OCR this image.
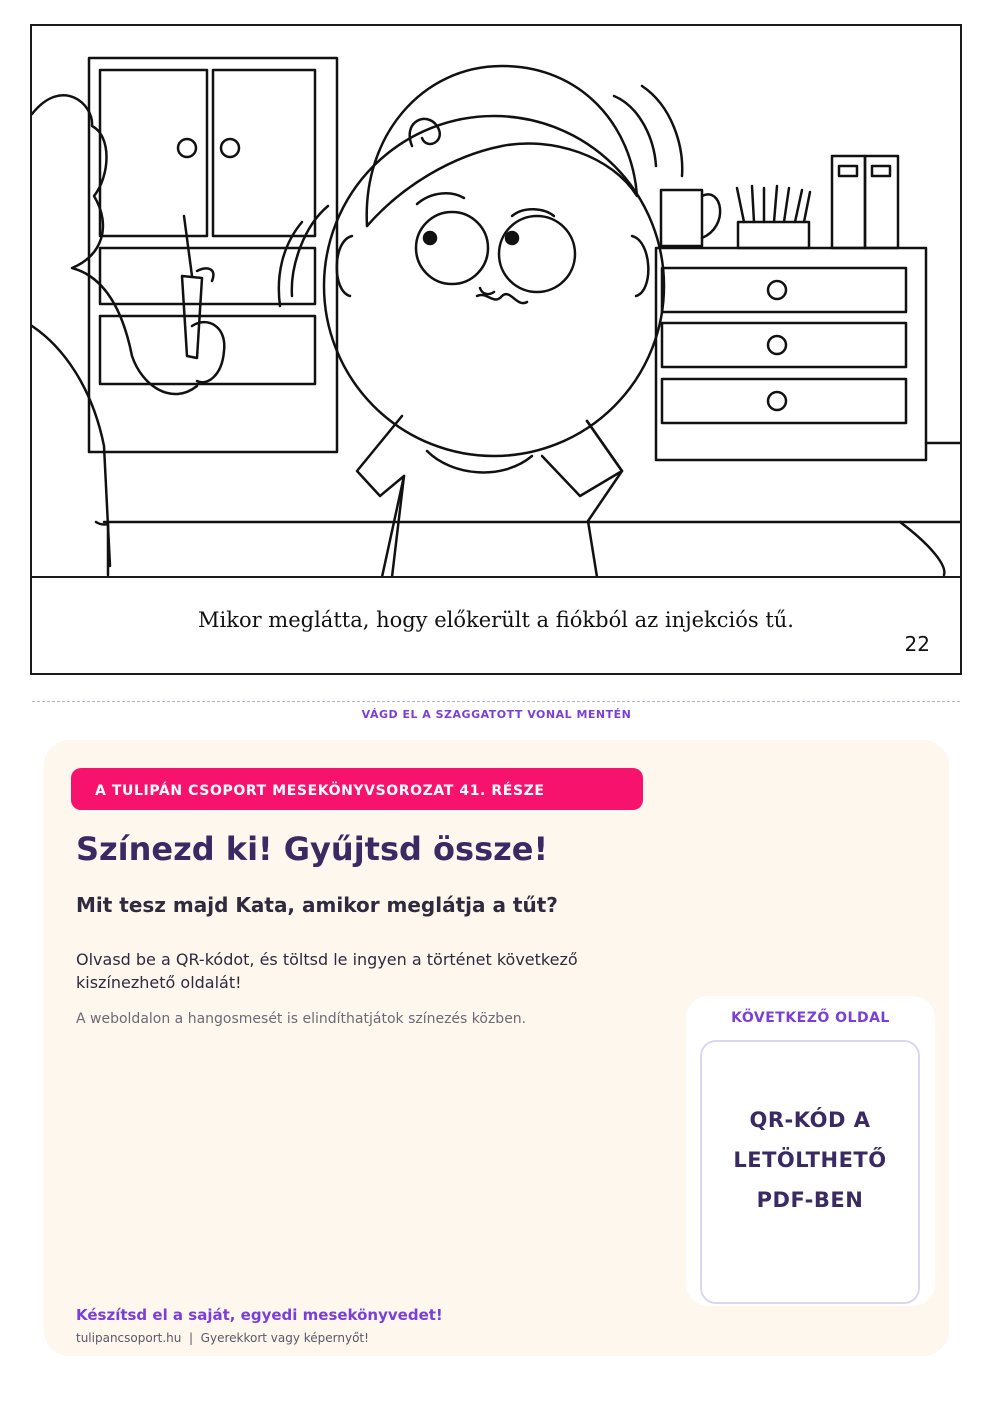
Mikor meglátta, hogy előkerült a fiókból az injekciós tű.
22
VÁGD EL A SZAGGATOTT VONAL MENTÉN
A TULIPÁN CSOPORT MESEKÖNYVSOROZAT 41. RÉSZE
Színezd ki! Gyűjtsd össze!
Mit tesz majd Kata, amikor meglátja a tűt?
Olvasd be a QR-kódot, és töltsd le ingyen a történet következő kiszínezhető oldalát!
A weboldalon a hangosmesét is elindíthatjátok színezés közben.	KÖVETKEZŐ OLDAL
QR-KÓD A
LETÖLTHETŐ
PDF-BEN
Készítsd el a saját, egyedi mesekönyvedet!
tulipancsoport.hu  |  Gyerekkort vagy képernyőt!
